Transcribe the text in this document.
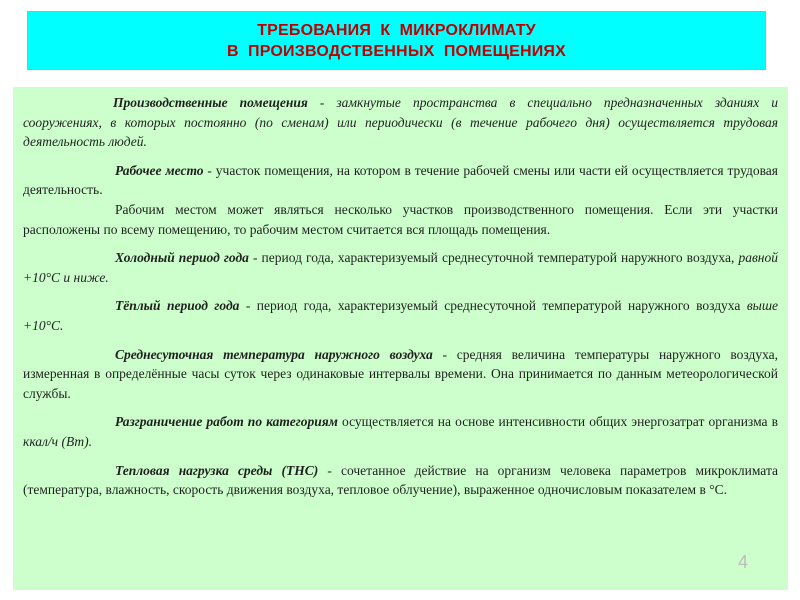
ТРЕБОВАНИЯ  К  МИКРОКЛИМАТУ
В  ПРОИЗВОДСТВЕННЫХ  ПОМЕЩЕНИЯХ

Производственные помещения - замкнутые пространства в специально предназначенных зданиях и сооружениях, в которых постоянно (по сменам) или периодически (в течение рабочего дня) осуществляется трудовая деятельность людей.

Рабочее место - участок помещения, на котором в течение рабочей смены или части ей осуществляется трудовая деятельность.

Рабочим местом может являться несколько участков производственного помещения. Если эти участки расположены по всему помещению, то рабочим местом считается вся площадь помещения.

Холодный период года - период года, характеризуемый среднесуточной температурой наружного воздуха, равной +10°С и ниже.

Тёплый период года - период года, характеризуемый среднесуточной температурой наружного воздуха выше +10°С.

Среднесуточная температура наружного воздуха - средняя величина температуры наружного воздуха, измеренная в определённые часы суток через одинаковые интервалы времени. Она принимается по данным метеорологической службы.

Разграничение работ по категориям осуществляется на основе интенсивности общих энергозатрат организма в ккал/ч (Вт).

Тепловая нагрузка среды (ТНС) - сочетанное действие на организм человека параметров микроклимата (температура, влажность, скорость движения воздуха, тепловое облучение), выраженное одночисловым показателем в °С.

4
